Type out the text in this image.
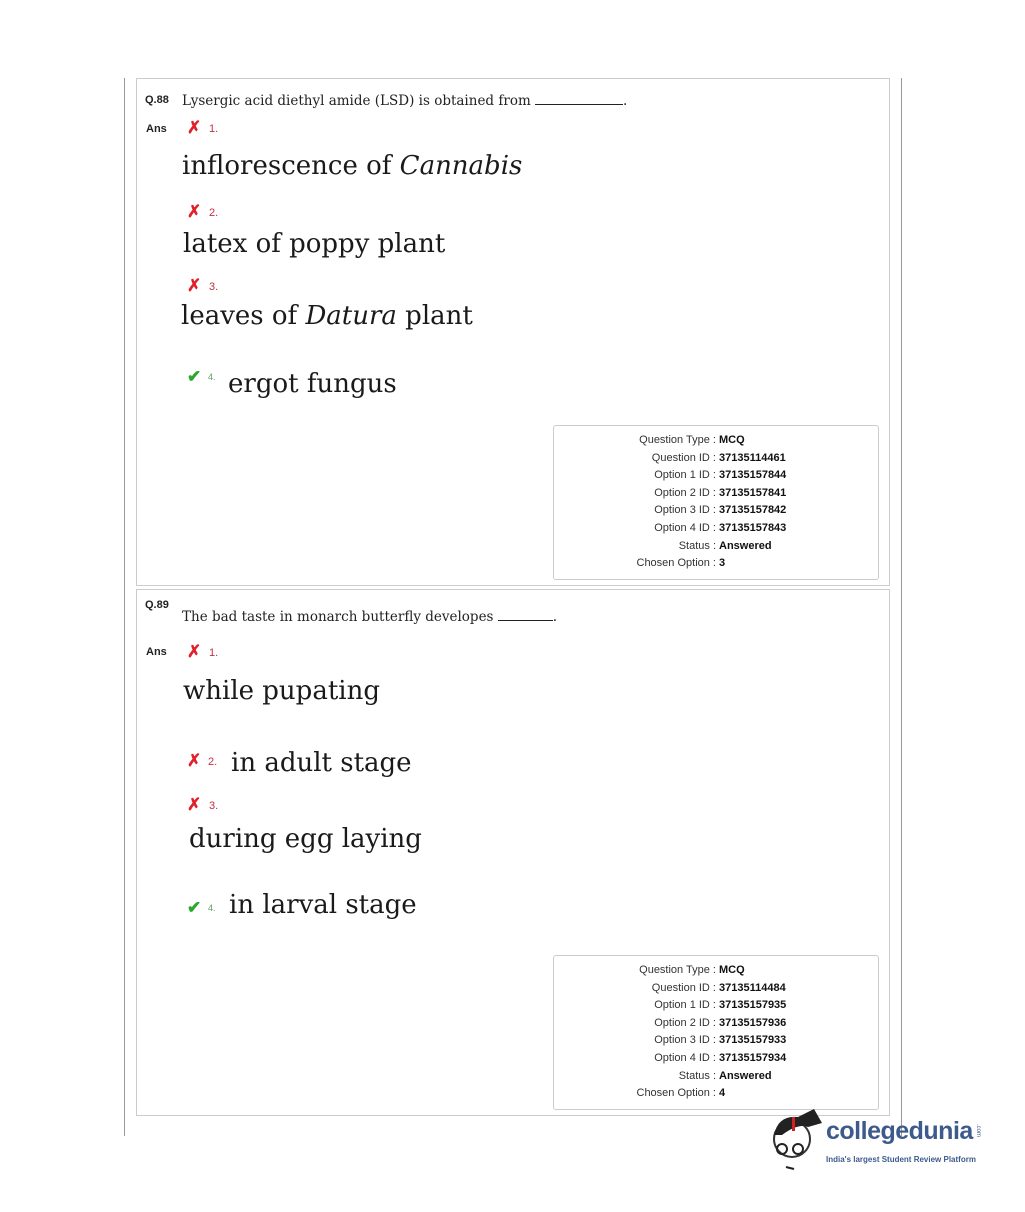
Q.88 Lysergic acid diethyl amide (LSD) is obtained from	.
Ans ✗ 1.
inflorescence of Cannabis
✗ 2.
latex of poppy plant
✗ 3.
leaves of Datura plant
✔ 4. ergot fungus
Question Type : MCQ
Question ID : 37135114461
Option 1 ID : 37135157844
Option 2 ID : 37135157841
Option 3 ID : 37135157842
Option 4 ID : 37135157843
Status : Answered
Chosen Option : 3
Q.89
The bad taste in monarch butterfly developes	.
Ans ✗ 1.
while pupating
✗ 2. in adult stage
✗ 3.
during egg laying
✔ 4. in larval stage
Question Type : MCQ
Question ID : 37135114484
Option 1 ID : 37135157935
Option 2 ID : 37135157936
Option 3 ID : 37135157933
Option 4 ID : 37135157934
Status : Answered
Chosen Option : 4
collegedunia .com
India's largest Student Review Platform
